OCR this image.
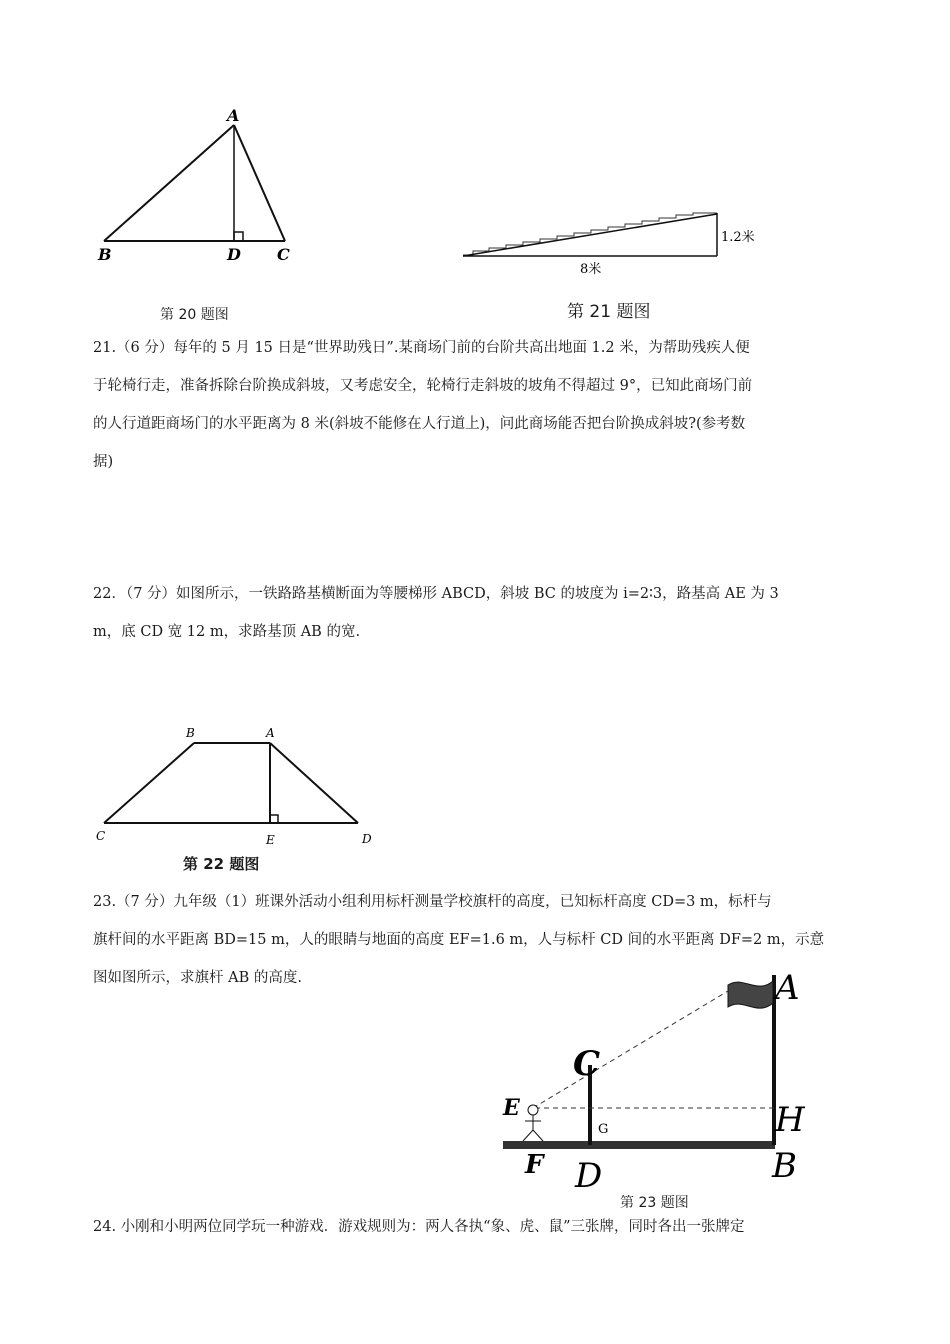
A
B	D C
第 20 题图
1.2米
8米
第 21 题图

21.（6 分）每年的 5 月 15 日是“世界助残日”.某商场门前的台阶共高出地面 1.2 米，为帮助残疾人便

于轮椅行走，准备拆除台阶换成斜坡，又考虑安全，轮椅行走斜坡的坡角不得超过 9°，已知此商场门前

的人行道距商场门的水平距离为 8 米(斜坡不能修在人行道上)，问此商场能否把台阶换成斜坡?(参考数

据)

22．（7 分）如图所示，一铁路路基横断面为等腰梯形 ABCD，斜坡 BC 的坡度为 i=2∶3，路基高 AE 为 3

m，底 CD 宽 12 m，求路基顶 AB 的宽.

B	A
C	E	D
第 22 题图

23.（7 分）九年级（1）班课外活动小组利用标杆测量学校旗杆的高度，已知标杆高度 CD=3 m，标杆与

旗杆间的水平距离 BD=15 m，人的眼睛与地面的高度 EF=1.6 m，人与标杆 CD 间的水平距离 DF=2 m，示意

图如图所示，求旗杆 AB 的高度.	A
C
E	H
G
F D	B
第 23 题图

24. 小刚和小明两位同学玩一种游戏．游戏规则为：两人各执“象、虎、鼠”三张牌，同时各出一张牌定
